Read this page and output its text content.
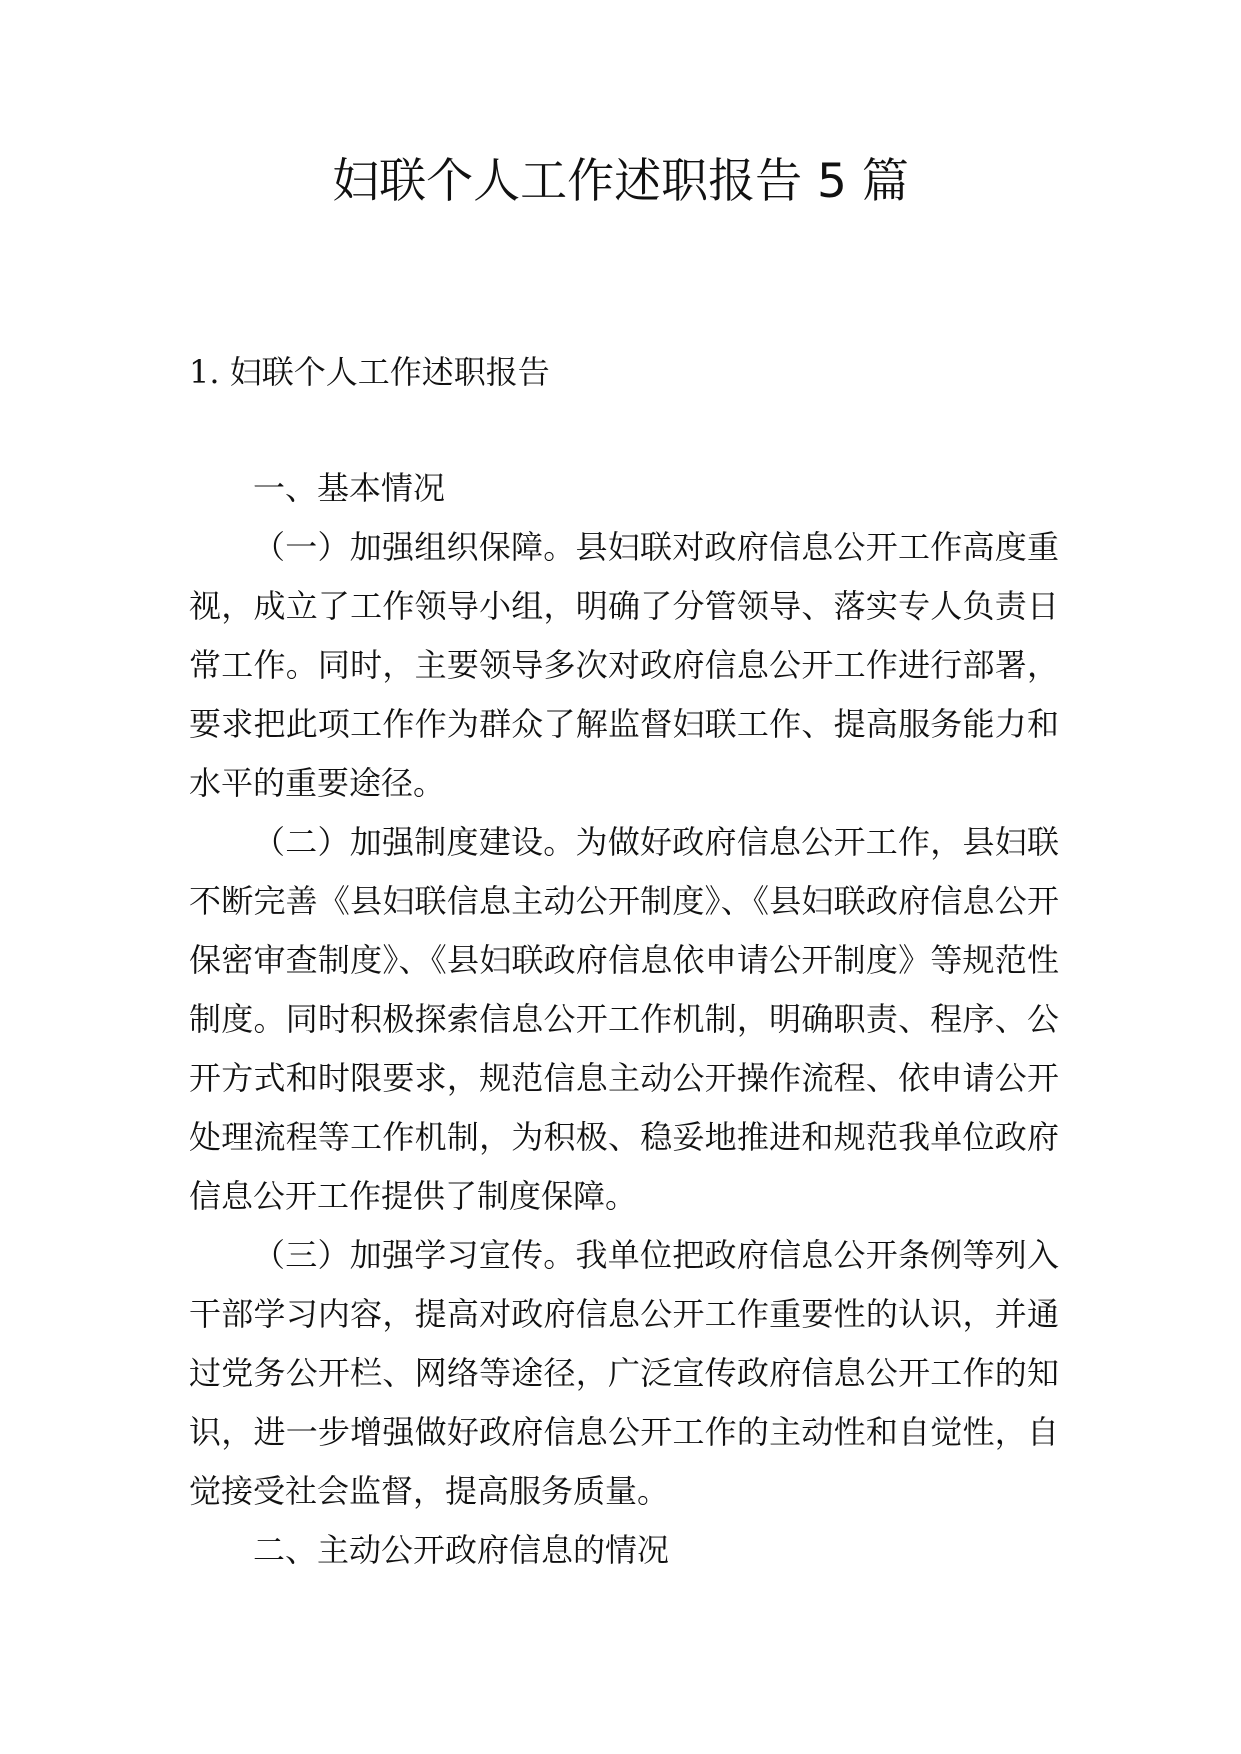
妇联个人工作述职报告 5 篇
1. 妇联个人工作述职报告

一、基本情况

（一）加强组织保障。县妇联对政府信息公开工作高度重视，成立了工作领导小组，明确了分管领导、落实专人负责日常工作。同时，主要领导多次对政府信息公开工作进行部署，要求把此项工作作为群众了解监督妇联工作、提高服务能力和水平的重要途径。

（二）加强制度建设。为做好政府信息公开工作，县妇联不断完善《县妇联信息主动公开制度》、《县妇联政府信息公开保密审查制度》、《县妇联政府信息依申请公开制度》等规范性制度。同时积极探索信息公开工作机制，明确职责、程序、公开方式和时限要求，规范信息主动公开操作流程、依申请公开处理流程等工作机制，为积极、稳妥地推进和规范我单位政府信息公开工作提供了制度保障。

（三）加强学习宣传。我单位把政府信息公开条例等列入干部学习内容，提高对政府信息公开工作重要性的认识，并通过党务公开栏、网络等途径，广泛宣传政府信息公开工作的知识，进一步增强做好政府信息公开工作的主动性和自觉性，自觉接受社会监督，提高服务质量。

二、主动公开政府信息的情况
